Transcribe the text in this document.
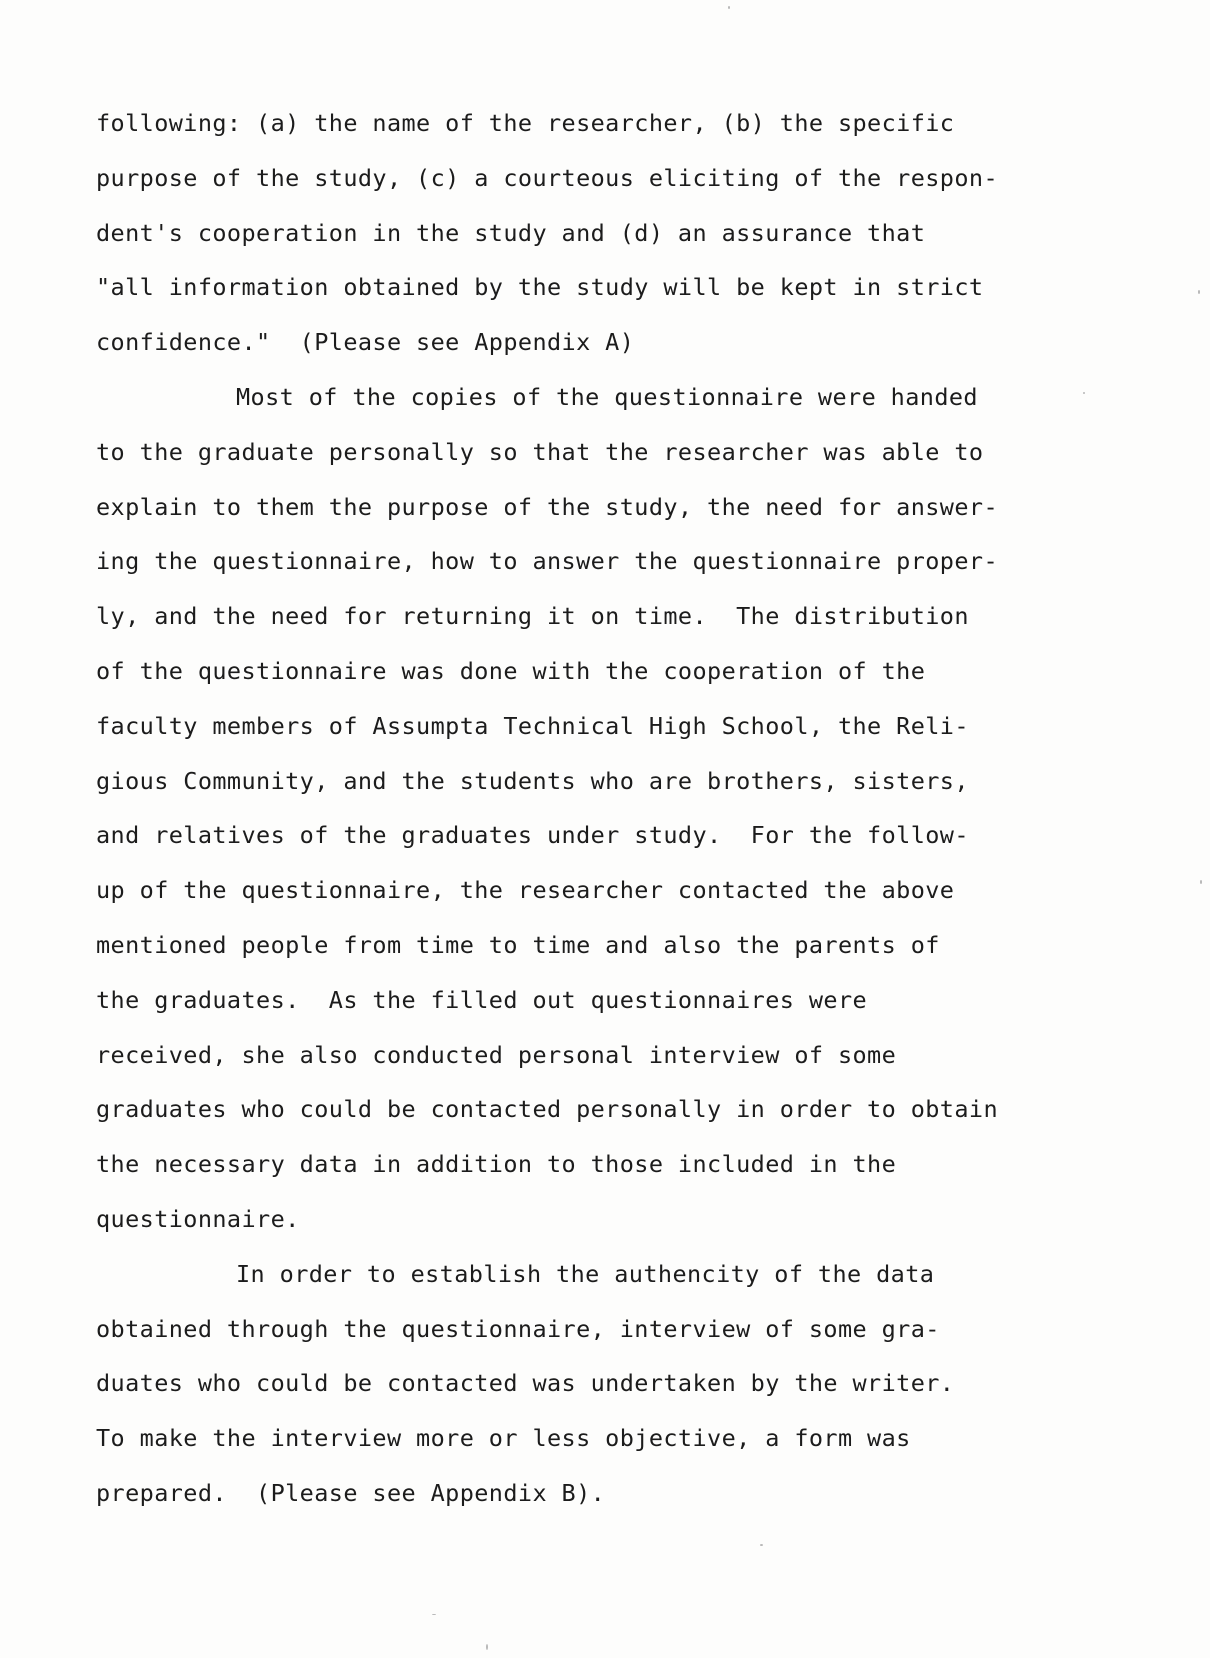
following: (a) the name of the researcher, (b) the specific
purpose of the study, (c) a courteous eliciting of the respon-
dent's cooperation in the study and (d) an assurance that
"all information obtained by the study will be kept in strict
confidence."  (Please see Appendix A)
Most of the copies of the questionnaire were handed
to the graduate personally so that the researcher was able to
explain to them the purpose of the study, the need for answer-
ing the questionnaire, how to answer the questionnaire proper-
ly, and the need for returning it on time.  The distribution
of the questionnaire was done with the cooperation of the
faculty members of Assumpta Technical High School, the Reli-
gious Community, and the students who are brothers, sisters,
and relatives of the graduates under study.  For the follow-
up of the questionnaire, the researcher contacted the above
mentioned people from time to time and also the parents of
the graduates.  As the filled out questionnaires were
received, she also conducted personal interview of some
graduates who could be contacted personally in order to obtain
the necessary data in addition to those included in the
questionnaire.
In order to establish the authencity of the data
obtained through the questionnaire, interview of some gra-
duates who could be contacted was undertaken by the writer.
To make the interview more or less objective, a form was
prepared.  (Please see Appendix B).
